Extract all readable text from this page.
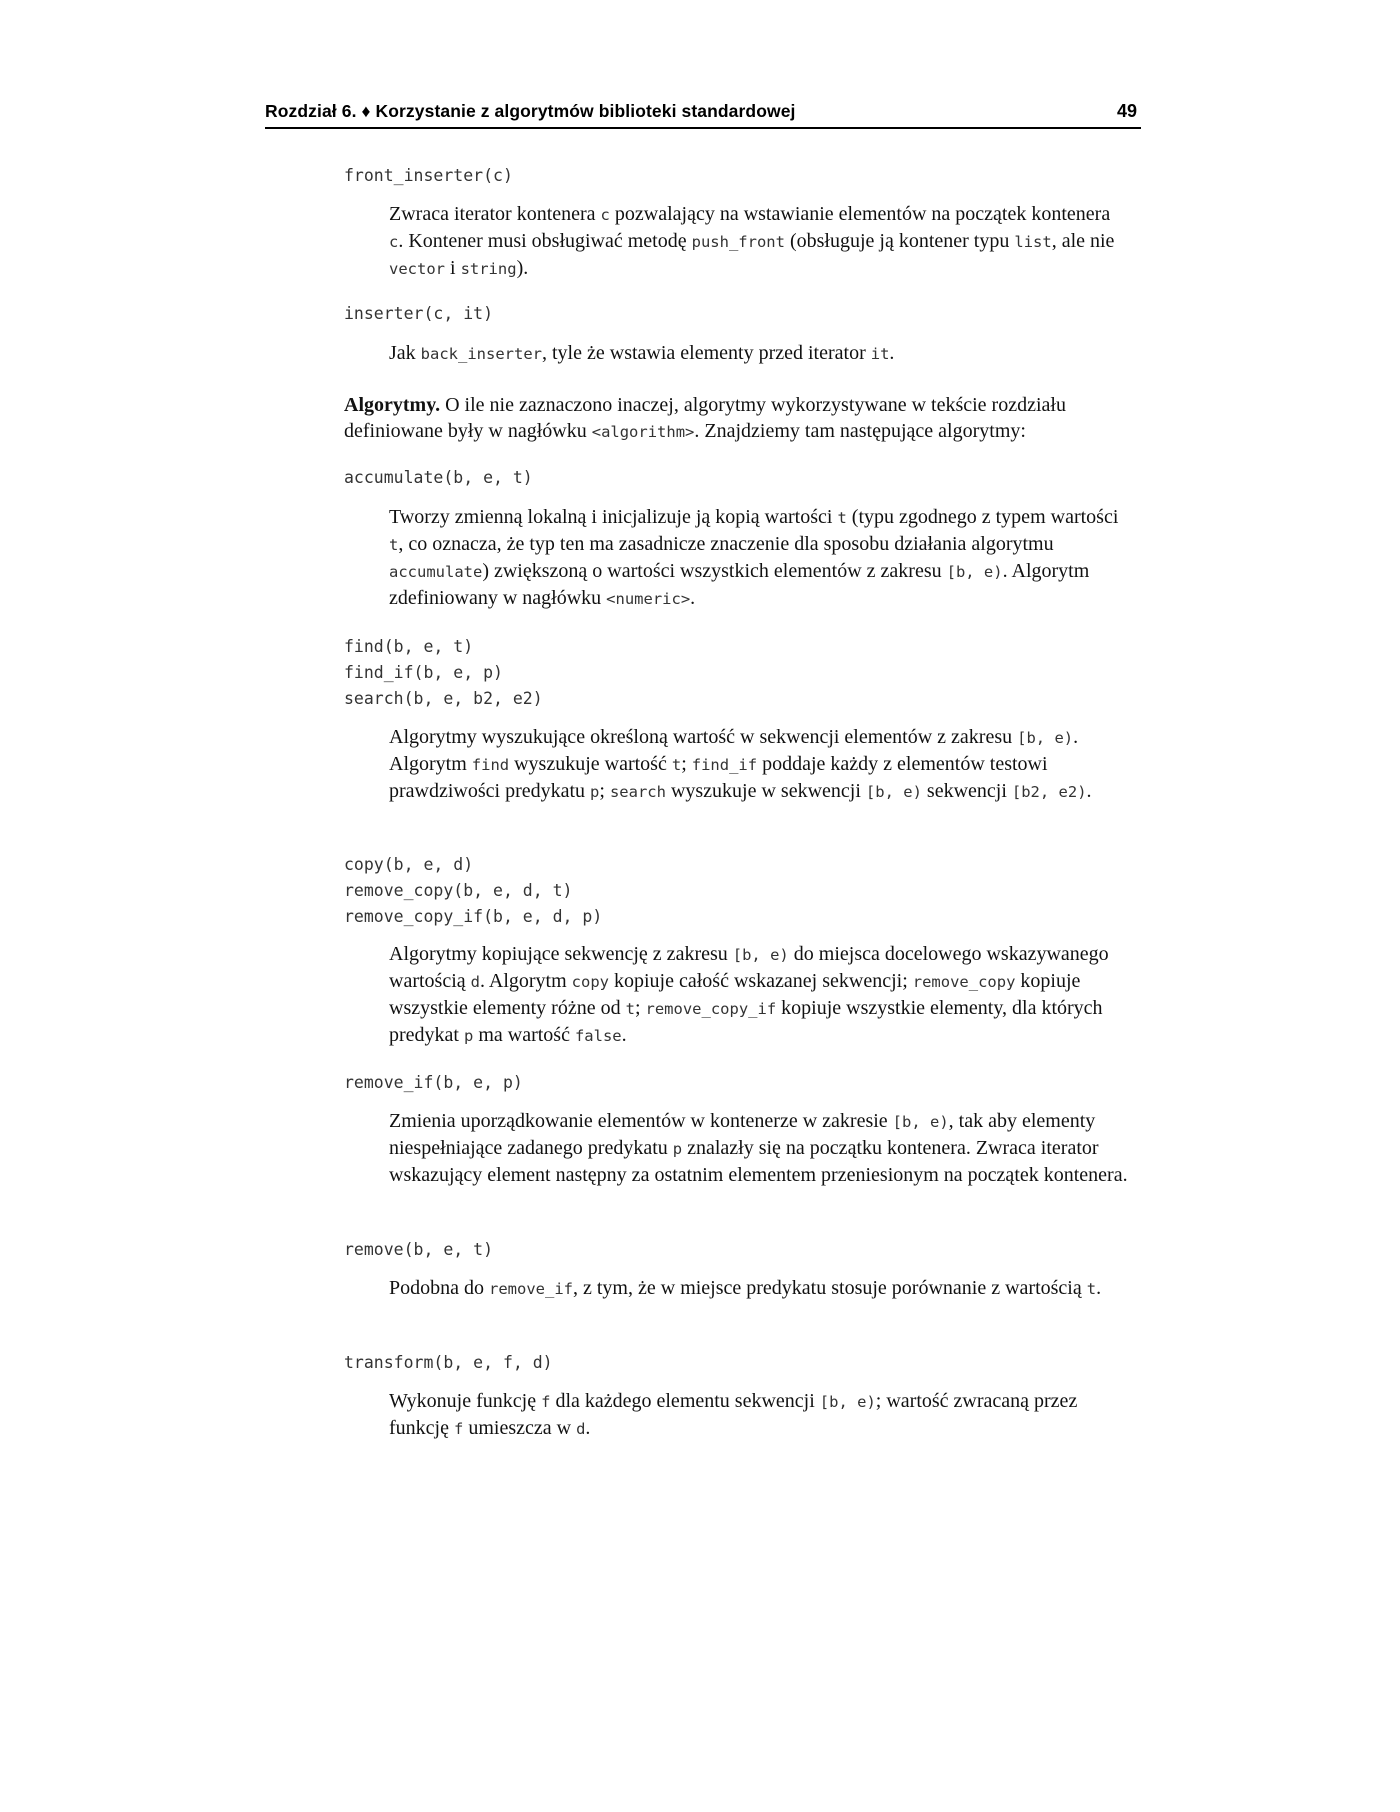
Rozdział 6. ♦ Korzystanie z algorytmów biblioteki standardowej	49
front_inserter(c)
Zwraca iterator kontenera c pozwalający na wstawianie elementów na początek kontenera c. Kontener musi obsługiwać metodę push_front (obsługuje ją kontener typu list, ale nie vector i string).
inserter(c, it)
Jak back_inserter, tyle że wstawia elementy przed iterator it.
Algorytmy. O ile nie zaznaczono inaczej, algorytmy wykorzystywane w tekście rozdziału definiowane były w nagłówku <algorithm>. Znajdziemy tam następujące algorytmy:
accumulate(b, e, t)
Tworzy zmienną lokalną i inicjalizuje ją kopią wartości t (typu zgodnego z typem wartości t, co oznacza, że typ ten ma zasadnicze znaczenie dla sposobu działania algorytmu accumulate) zwiększoną o wartości wszystkich elementów z zakresu [b, e). Algorytm zdefiniowany w nagłówku <numeric>.
find(b, e, t)
find_if(b, e, p)
search(b, e, b2, e2)
Algorytmy wyszukujące określoną wartość w sekwencji elementów z zakresu [b, e). Algorytm find wyszukuje wartość t; find_if poddaje każdy z elementów testowi prawdziwości predykatu p; search wyszukuje w sekwencji [b, e) sekwencji [b2, e2).
copy(b, e, d)
remove_copy(b, e, d, t)
remove_copy_if(b, e, d, p)
Algorytmy kopiujące sekwencję z zakresu [b, e) do miejsca docelowego wskazywanego wartością d. Algorytm copy kopiuje całość wskazanej sekwencji; remove_copy kopiuje wszystkie elementy różne od t; remove_copy_if kopiuje wszystkie elementy, dla których predykat p ma wartość false.
remove_if(b, e, p)
Zmienia uporządkowanie elementów w kontenerze w zakresie [b, e), tak aby elementy niespełniające zadanego predykatu p znalazły się na początku kontenera. Zwraca iterator wskazujący element następny za ostatnim elementem przeniesionym na początek kontenera.
remove(b, e, t)
Podobna do remove_if, z tym, że w miejsce predykatu stosuje porównanie z wartością t.
transform(b, e, f, d)
Wykonuje funkcję f dla każdego elementu sekwencji [b, e); wartość zwracaną przez funkcję f umieszcza w d.
